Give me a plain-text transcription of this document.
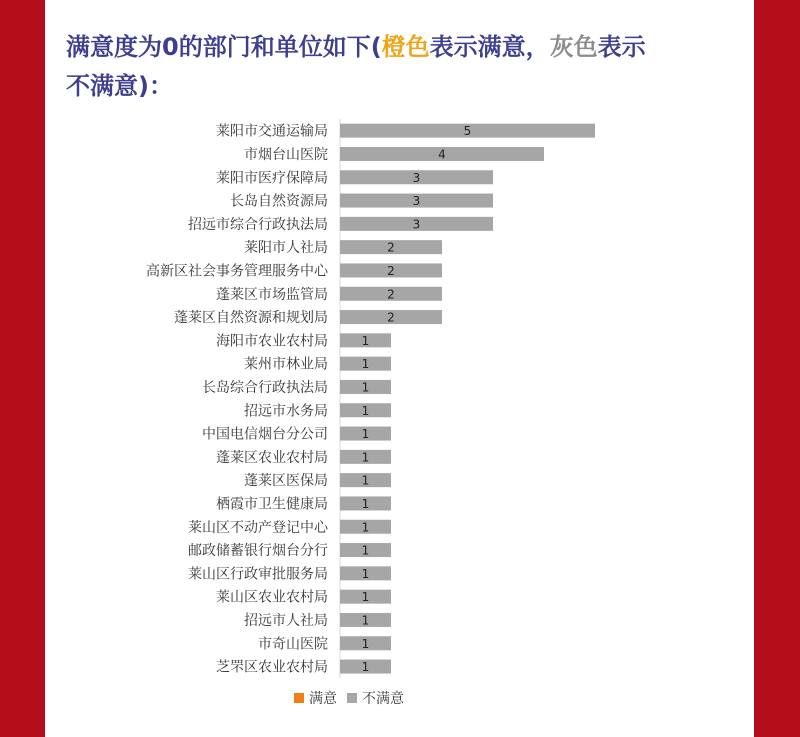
满意度为0的部门和单位如下(橙色表示满意，灰色表示不满意)：
莱阳市交通运输局	5
市烟台山医院	4
莱阳市医疗保障局	3
长岛自然资源局	3
招远市综合行政执法局	3
莱阳市人社局	2
高新区社会事务管理服务中心	2
蓬莱区市场监管局	2
蓬莱区自然资源和规划局	2
海阳市农业农村局	1
莱州市林业局	1
长岛综合行政执法局	1
招远市水务局	1
中国电信烟台分公司	1
蓬莱区农业农村局	1
蓬莱区医保局	1
栖霞市卫生健康局	1
莱山区不动产登记中心	1
邮政储蓄银行烟台分行	1
莱山区行政审批服务局	1
莱山区农业农村局	1
招远市人社局	1
市奇山医院	1
芝罘区农业农村局	1
满意 不满意
